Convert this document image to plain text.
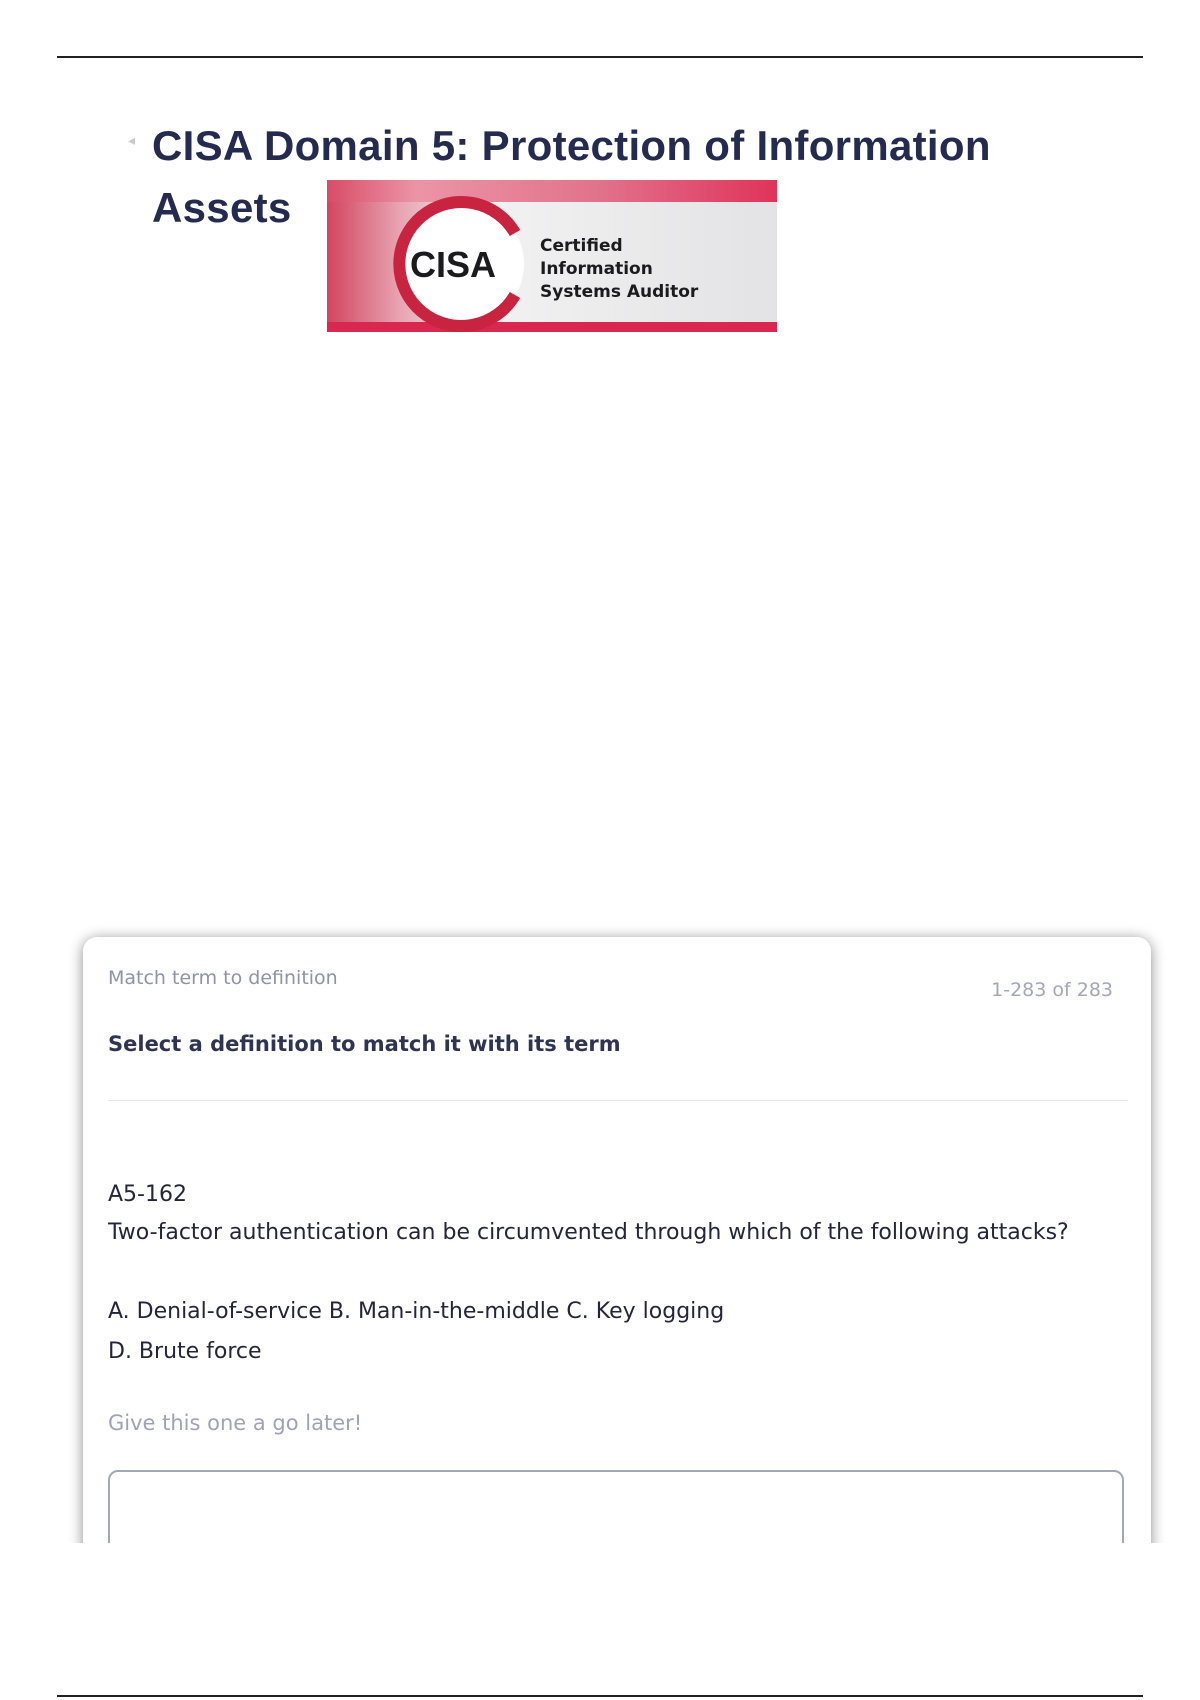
◂ CISA Domain 5: Protection of Information
Assets
CISA	Certified
Information
Systems Auditor
Match term to definition
1-283 of 283
Select a definition to match it with its term
A5-162
Two-factor authentication can be circumvented through which of the following attacks?
A. Denial-of-service B. Man-in-the-middle C. Key logging
D. Brute force
Give this one a go later!
